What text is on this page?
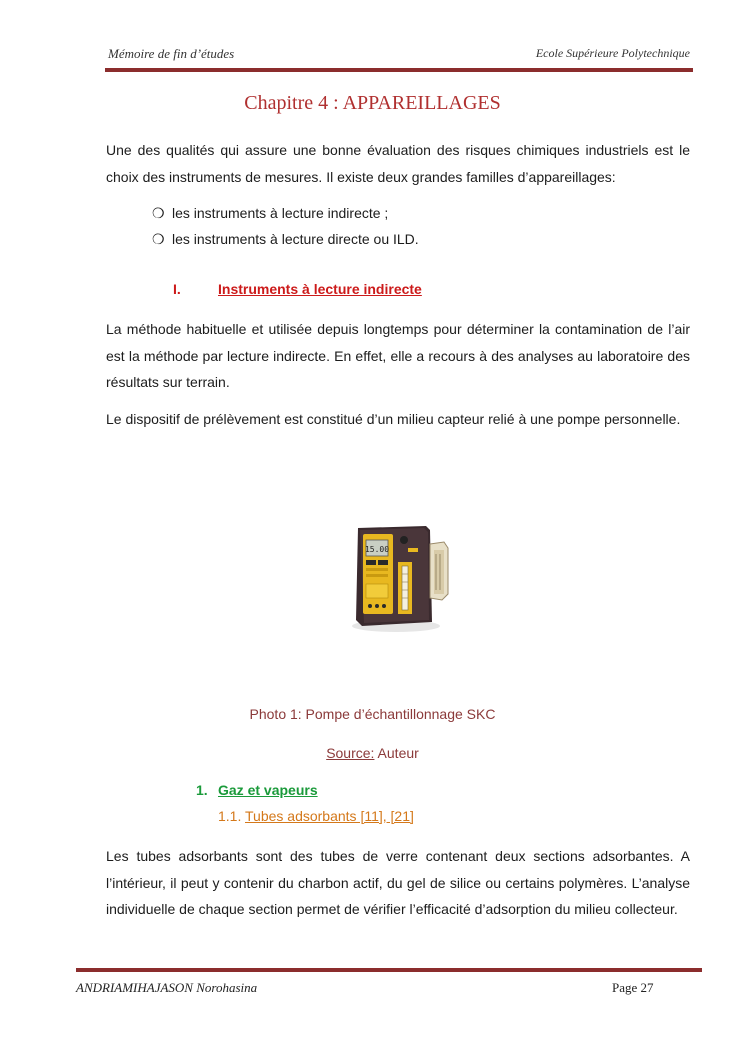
Mémoire de fin d’études	Ecole Supérieure Polytechnique
Chapitre 4 : APPAREILLAGES
Une des qualités qui assure une bonne évaluation des risques chimiques industriels est le choix des instruments de mesures. Il existe deux grandes familles d’appareillages:
❍ les instruments à lecture indirecte ;
❍ les instruments à lecture directe ou ILD.
I.	Instruments à lecture indirecte
La méthode habituelle et utilisée depuis longtemps pour déterminer la contamination de l’air est la méthode par lecture indirecte. En effet, elle a recours à des analyses au laboratoire des résultats sur terrain.
Le dispositif de prélèvement est constitué d’un milieu capteur relié à une pompe personnelle.
15.00
Photo 1: Pompe d’échantillonnage SKC
Source: Auteur
1. Gaz et vapeurs
1.1. Tubes adsorbants [11], [21]
Les tubes adsorbants sont des tubes de verre contenant deux sections adsorbantes. A l’intérieur, il peut y contenir du charbon actif, du gel de silice ou certains polymères. L’analyse individuelle de chaque section permet de vérifier l’efficacité d’adsorption du milieu collecteur.
ANDRIAMIHAJASON Norohasina	Page 27
